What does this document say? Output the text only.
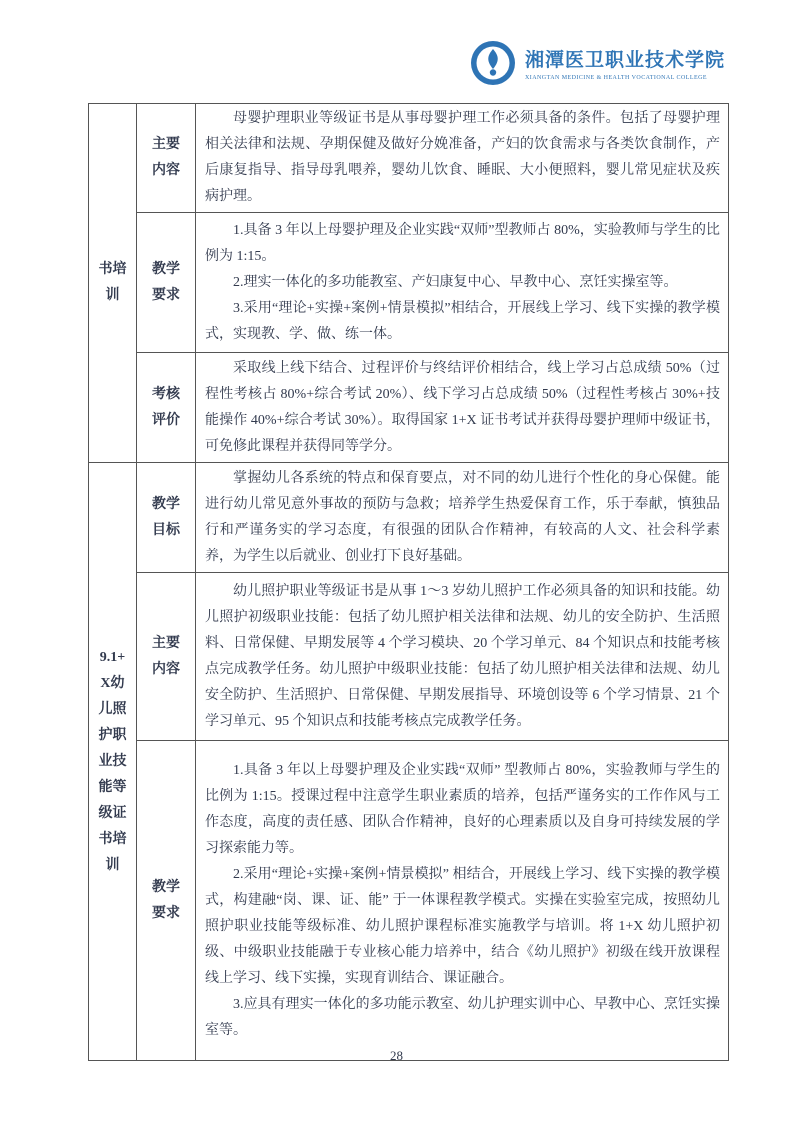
湘潭医卫职业技术学院
XIANGTAN MEDICINE & HEALTH VOCATIONAL COLLEGE
书培训	主要内容	母婴护理职业等级证书是从事母婴护理工作必须具备的条件。包括了母婴护理相关法律和法规、孕期保健及做好分娩准备，产妇的饮食需求与各类饮食制作，产后康复指导、指导母乳喂养，婴幼儿饮食、睡眠、大小便照料，婴儿常见症状及疾病护理。

	教学要求	1.具备 3 年以上母婴护理及企业实践“双师”型教师占 80%，实验教师与学生的比例为 1:15。

2.理实一体化的多功能教室、产妇康复中心、早教中心、烹饪实操室等。

3.采用“理论+实操+案例+情景模拟”相结合，开展线上学习、线下实操的教学模式，实现教、学、做、练一体。

	考核评价	采取线上线下结合、过程评价与终结评价相结合，线上学习占总成绩 50%（过程性考核占 80%+综合考试 20%）、线下学习占总成绩 50%（过程性考核占 30%+技能操作 40%+综合考试 30%）。取得国家 1+X 证书考试并获得母婴护理师中级证书，可免修此课程并获得同等学分。

9.1+X幼儿照护职业技能等级证书培训	教学目标	掌握幼儿各系统的特点和保育要点，对不同的幼儿进行个性化的身心保健。能进行幼儿常见意外事故的预防与急救；培养学生热爱保育工作，乐于奉献，慎独品行和严谨务实的学习态度，有很强的团队合作精神，有较高的人文、社会科学素养，为学生以后就业、创业打下良好基础。

	主要内容	幼儿照护职业等级证书是从事 1～3 岁幼儿照护工作必须具备的知识和技能。幼儿照护初级职业技能：包括了幼儿照护相关法律和法规、幼儿的安全防护、生活照料、日常保健、早期发展等 4 个学习模块、20 个学习单元、84 个知识点和技能考核点完成教学任务。幼儿照护中级职业技能：包括了幼儿照护相关法律和法规、幼儿安全防护、生活照护、日常保健、早期发展指导、环境创设等 6 个学习情景、21 个学习单元、95 个知识点和技能考核点完成教学任务。

	教学要求	1.具备 3 年以上母婴护理及企业实践“双师” 型教师占 80%，实验教师与学生的比例为 1:15。授课过程中注意学生职业素质的培养，包括严谨务实的工作作风与工作态度，高度的责任感、团队合作精神，良好的心理素质以及自身可持续发展的学习探索能力等。

2.采用“理论+实操+案例+情景模拟” 相结合，开展线上学习、线下实操的教学模式，构建融“岗、课、证、能” 于一体课程教学模式。实操在实验室完成，按照幼儿照护职业技能等级标准、幼儿照护课程标准实施教学与培训。将 1+X 幼儿照护初级、中级职业技能融于专业核心能力培养中，结合《幼儿照护》初级在线开放课程线上学习、线下实操，实现育训结合、课证融合。

3.应具有理实一体化的多功能示教室、幼儿护理实训中心、早教中心、烹饪实操室等。

28
